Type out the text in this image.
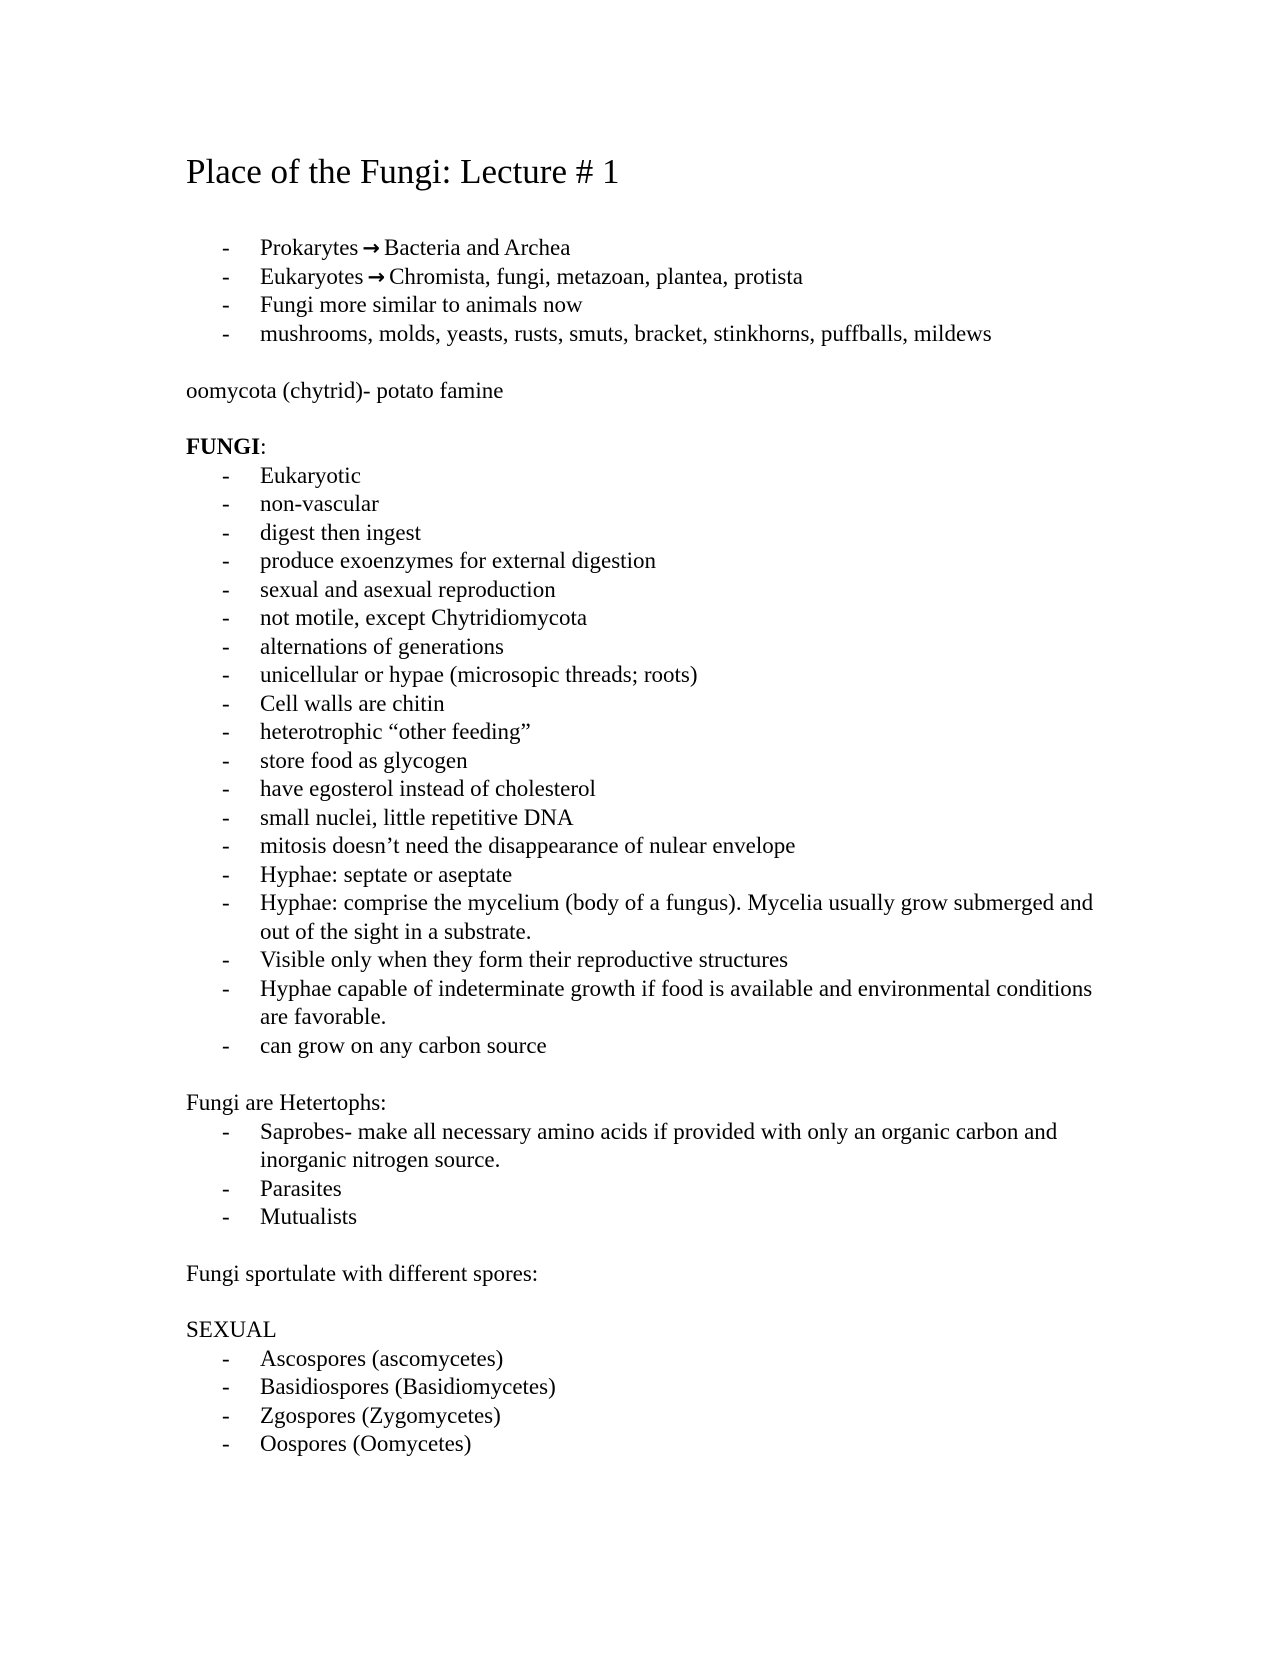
Place of the Fungi: Lecture # 1
- Prokarytes → Bacteria and Archea
- Eukaryotes → Chromista, fungi, metazoan, plantea, protista
- Fungi more similar to animals now
- mushrooms, molds, yeasts, rusts, smuts, bracket, stinkhorns, puffballs, mildews

oomycota (chytrid)- potato famine

FUNGI:

- Eukaryotic
- non-vascular
- digest then ingest
- produce exoenzymes for external digestion
- sexual and asexual reproduction
- not motile, except Chytridiomycota
- alternations of generations
- unicellular or hypae (microsopic threads; roots)
- Cell walls are chitin
- heterotrophic “other feeding”
- store food as glycogen
- have egosterol instead of cholesterol
- small nuclei, little repetitive DNA
- mitosis doesn’t need the disappearance of nulear envelope
- Hyphae: septate or aseptate
- Hyphae: comprise the mycelium (body of a fungus). Mycelia usually grow submerged and out of the sight in a substrate.
- Visible only when they form their reproductive structures
- Hyphae capable of indeterminate growth if food is available and environmental conditions are favorable.
- can grow on any carbon source

Fungi are Hetertophs:

- Saprobes- make all necessary amino acids if provided with only an organic carbon and inorganic nitrogen source.
- Parasites
- Mutualists

Fungi sportulate with different spores:

SEXUAL

- Ascospores (ascomycetes)
- Basidiospores (Basidiomycetes)
- Zgospores (Zygomycetes)
- Oospores (Oomycetes)
